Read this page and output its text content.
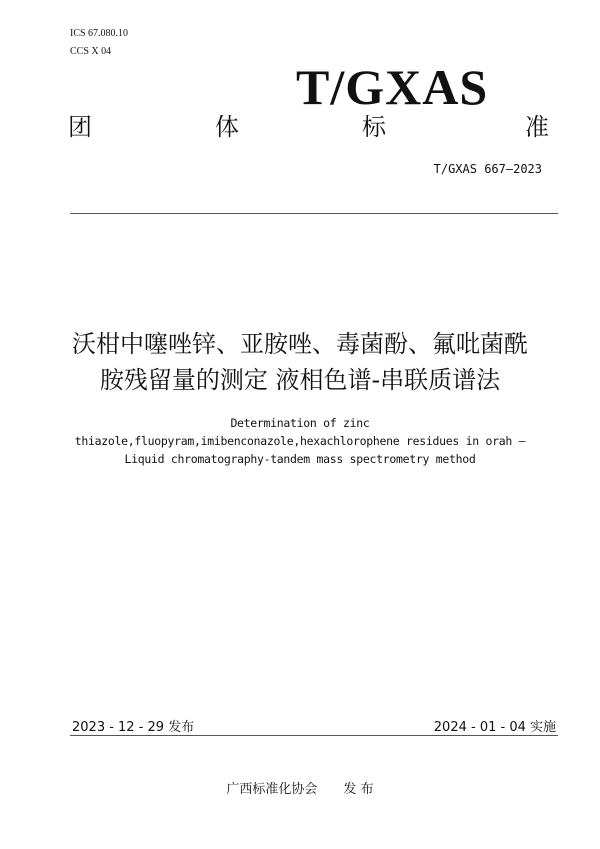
ICS 67.080.10
CCS X 04
T/GXAS
团	体	标	准
T/GXAS 667—2023
沃柑中噻唑锌、亚胺唑、毒菌酚、氟吡菌酰
胺残留量的测定 液相色谱-串联质谱法
Determination of zinc
thiazole,fluopyram,imibenconazole,hexachlorophene residues in orah —
Liquid chromatography-tandem mass spectrometry method
2023 - 12 - 29 发布	2024 - 01 - 04 实施
广西标准化协会　　发 布
